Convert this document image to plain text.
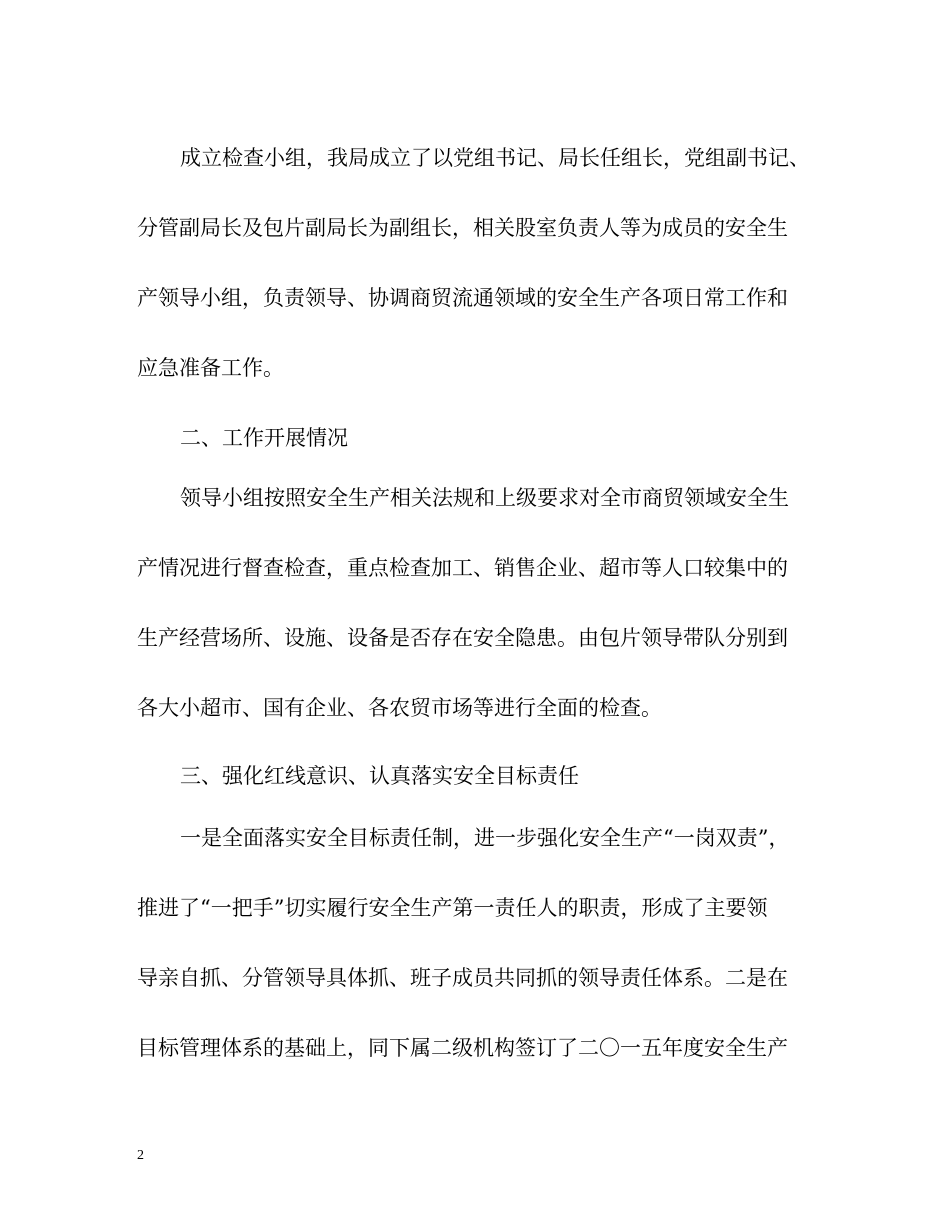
成立检查小组，我局成立了以党组书记、局长任组长，党组副书记、
分管副局长及包片副局长为副组长，相关股室负责人等为成员的安全生
产领导小组，负责领导、协调商贸流通领域的安全生产各项日常工作和
应急准备工作。
二、工作开展情况
领导小组按照安全生产相关法规和上级要求对全市商贸领域安全生
产情况进行督查检查，重点检查加工、销售企业、超市等人口较集中的
生产经营场所、设施、设备是否存在安全隐患。由包片领导带队分别到
各大小超市、国有企业、各农贸市场等进行全面的检查。
三、强化红线意识、认真落实安全目标责任
一是全面落实安全目标责任制，进一步强化安全生产“一岗双责”，
推进了“一把手”切实履行安全生产第一责任人的职责，形成了主要领
导亲自抓、分管领导具体抓、班子成员共同抓的领导责任体系。二是在
目标管理体系的基础上，同下属二级机构签订了二〇一五年度安全生产
2
